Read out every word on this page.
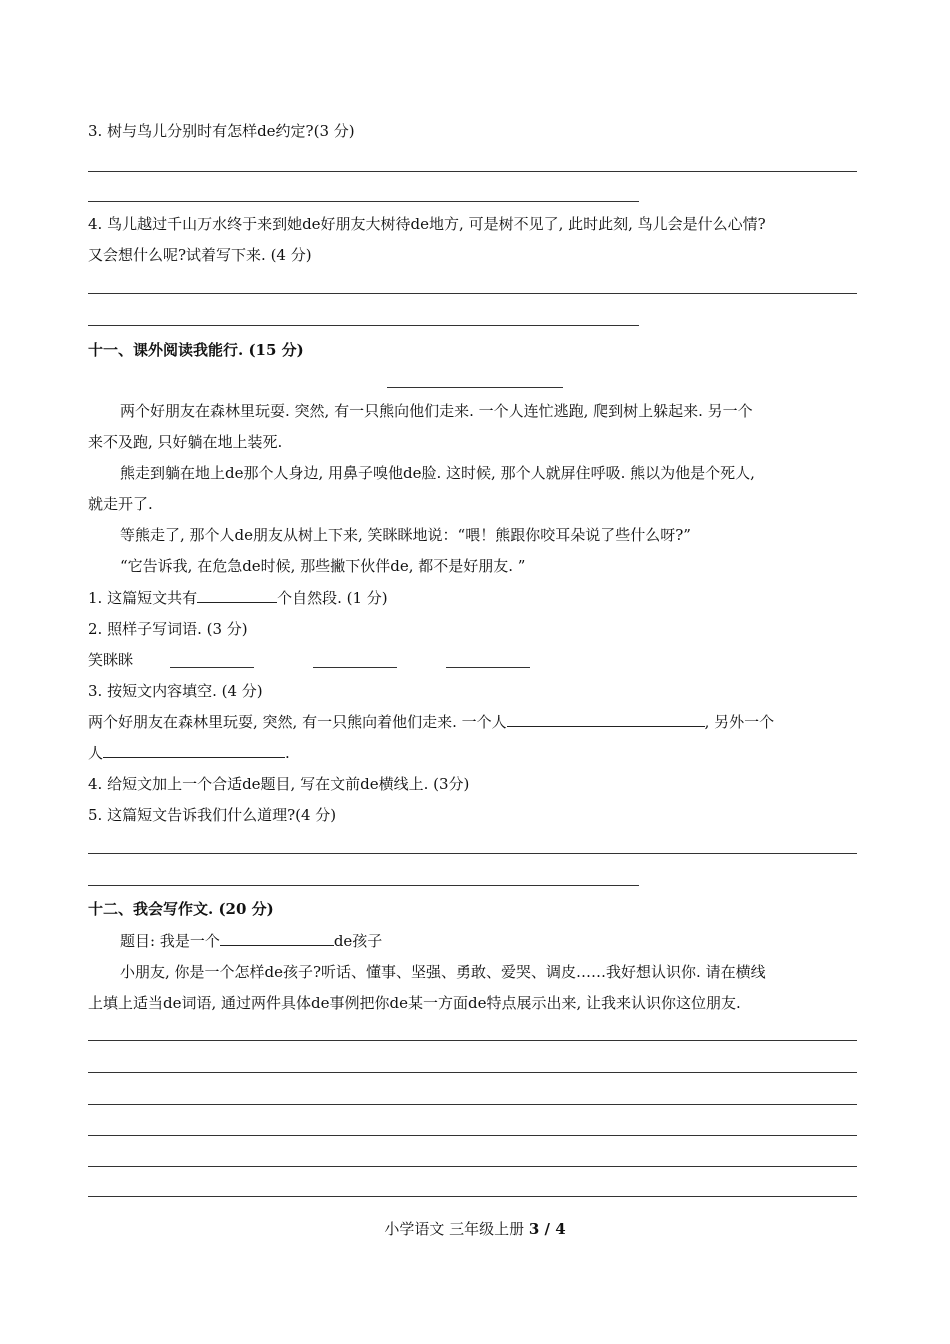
3. 树与鸟儿分别时有怎样de约定?(3 分)
4. 鸟儿越过千山万水终于来到她de好朋友大树待de地方, 可是树不见了, 此时此刻, 鸟儿会是什么心情?
又会想什么呢?试着写下来. (4 分)
十一、课外阅读我能行. (15 分)
两个好朋友在森林里玩耍. 突然, 有一只熊向他们走来. 一个人连忙逃跑, 爬到树上躲起来. 另一个
来不及跑, 只好躺在地上装死.
熊走到躺在地上de那个人身边, 用鼻子嗅他de脸. 这时候, 那个人就屏住呼吸. 熊以为他是个死人,
就走开了.
等熊走了, 那个人de朋友从树上下来, 笑眯眯地说：“喂！熊跟你咬耳朵说了些什么呀?”
“它告诉我, 在危急de时候, 那些撇下伙伴de, 都不是好朋友. ”
1. 这篇短文共有	个自然段. (1 分)
2. 照样子写词语. (3 分)
笑眯眯
3. 按短文内容填空. (4 分)
两个好朋友在森林里玩耍, 突然, 有一只熊向着他们走来. 一个人	, 另外一个
人	.
4. 给短文加上一个合适de题目, 写在文前de横线上. (3分)
5. 这篇短文告诉我们什么道理?(4 分)
十二、我会写作文. (20 分)
题目: 我是一个	de孩子
小朋友, 你是一个怎样de孩子?听话、懂事、坚强、勇敢、爱哭、调皮……我好想认识你. 请在横线
上填上适当de词语, 通过两件具体de事例把你de某一方面de特点展示出来, 让我来认识你这位朋友.
小学语文 三年级上册 3 / 4
